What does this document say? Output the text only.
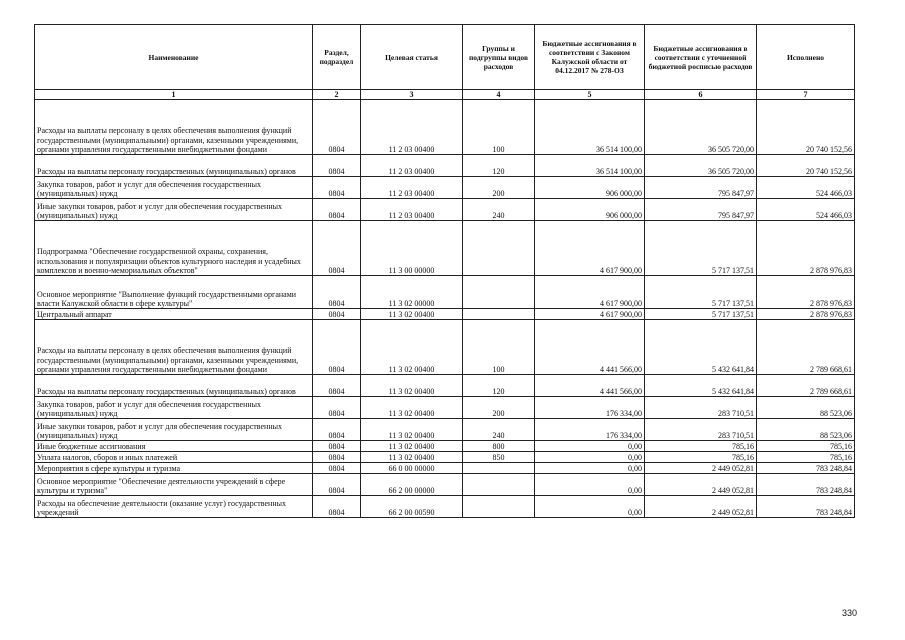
Наименование	Раздел, подраздел	Целевая статья	Группы и подгруппы видов расходов	Бюджетные ассигнования в соответствии с Законом Калужской области от 04.12.2017 № 278-ОЗ	Бюджетные ассигнования в соответствии с уточненной бюджетной росписью расходов	Исполнено
1	2	3	4	5	6	7
Расходы на выплаты персоналу в целях обеспечения выполнения функций государственными (муниципальными) органами, казенными учреждениями, органами управления государственными внебюджетными фондами	0804	11 2 03 00400	100	36 514 100,00	36 505 720,00	20 740 152,56
Расходы на выплаты персоналу государственных (муниципальных) органов	0804	11 2 03 00400	120	36 514 100,00	36 505 720,00	20 740 152,56
Закупка товаров, работ и услуг для обеспечения государственных (муниципальных) нужд	0804	11 2 03 00400	200	906 000,00	795 847,97	524 466,03
Иные закупки товаров, работ и услуг для обеспечения государственных (муниципальных) нужд	0804	11 2 03 00400	240	906 000,00	795 847,97	524 466,03
Подпрограмма "Обеспечение государственной охраны, сохранения, использования и популяризации объектов культурного наследия и усадебных комплексов и военно-мемориальных объектов"	0804	11 3 00 00000		4 617 900,00	5 717 137,51	2 878 976,83
Основное мероприятие "Выполнение функций государственными органами власти Калужской области в сфере культуры"	0804	11 3 02 00000		4 617 900,00	5 717 137,51	2 878 976,83
Центральный аппарат	0804	11 3 02 00400		4 617 900,00	5 717 137,51	2 878 976,83
Расходы на выплаты персоналу в целях обеспечения выполнения функций государственными (муниципальными) органами, казенными учреждениями, органами управления государственными внебюджетными фондами	0804	11 3 02 00400	100	4 441 566,00	5 432 641,84	2 789 668,61
Расходы на выплаты персоналу государственных (муниципальных) органов	0804	11 3 02 00400	120	4 441 566,00	5 432 641,84	2 789 668,61
Закупка товаров, работ и услуг для обеспечения государственных (муниципальных) нужд	0804	11 3 02 00400	200	176 334,00	283 710,51	88 523,06
Иные закупки товаров, работ и услуг для обеспечения государственных (муниципальных) нужд	0804	11 3 02 00400	240	176 334,00	283 710,51	88 523,06
Иные бюджетные ассигнования	0804	11 3 02 00400	800	0,00	785,16	785,16
Уплата налогов, сборов и иных платежей	0804	11 3 02 00400	850	0,00	785,16	785,16
Мероприятия в сфере культуры и туризма	0804	66 0 00 00000		0,00	2 449 052,81	783 248,84
Основное мероприятие "Обеспечение деятельности учреждений в сфере культуры и туризма"	0804	66 2 00 00000		0,00	2 449 052,81	783 248,84
Расходы на обеспечение деятельности (оказание услуг) государственных учреждений	0804	66 2 00 00590		0,00	2 449 052,81	783 248,84
330
